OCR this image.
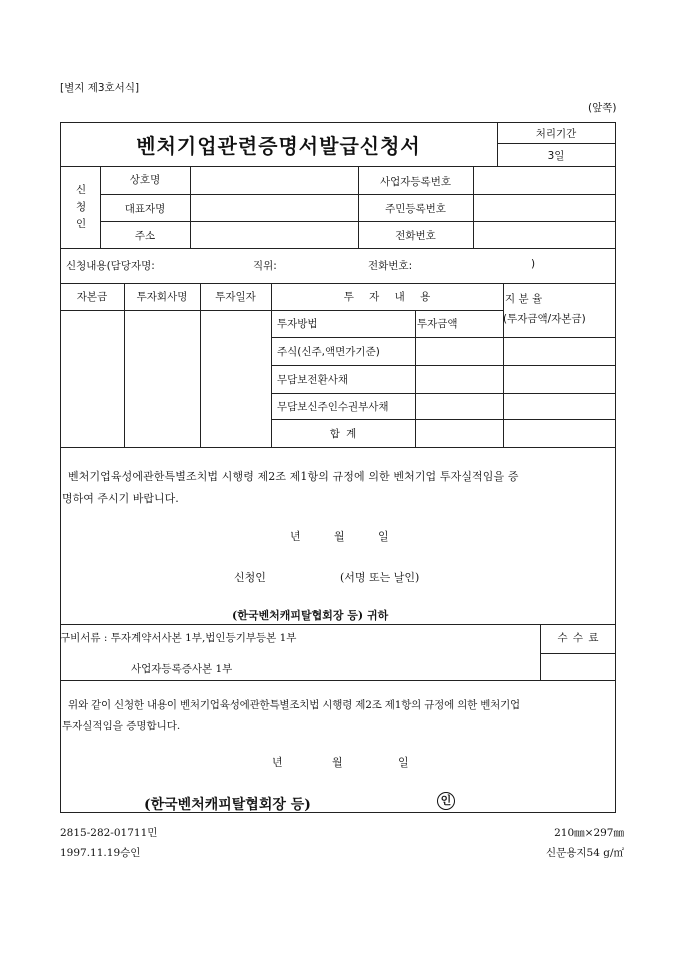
[별지 제3호서식]
(앞쪽)
벤처기업관련증명서발급신청서	처리기간
3일
신
청
인
상호명	사업자등록번호
대표자명	주민등록번호
주소	전화번호
신청내용(담당자명:	직위:	전화번호:	)
자본금	투자회사명	투자일자	투 자 내 용	지 분 율
(투자금액/자본금)
투자방법	투자금액
주식(신주,액면가기준)
무담보전환사채
무담보신주인수권부사채
합 계
벤처기업육성에관한특별조치법 시행령 제2조 제1항의 규정에 의한 벤처기업 투자실적임을 증
명하여 주시기 바랍니다.
년	월	일
신청인	(서명 또는 날인)
(한국벤처캐피탈협회장 등) 귀하
구비서류 : 투자계약서사본 1부,법인등기부등본 1부
사업자등록증사본 1부
수 수 료
위와 같이 신청한 내용이 벤처기업육성에관한특별조치법 시행령 제2조 제1항의 규정에 의한 벤처기업
투자실적임을 증명합니다.
년	월	일
(한국벤처캐피탈협회장 등)	인
2815-282-01711민
1997.11.19승인
210㎜×297㎜
신문용지54 g/㎡
